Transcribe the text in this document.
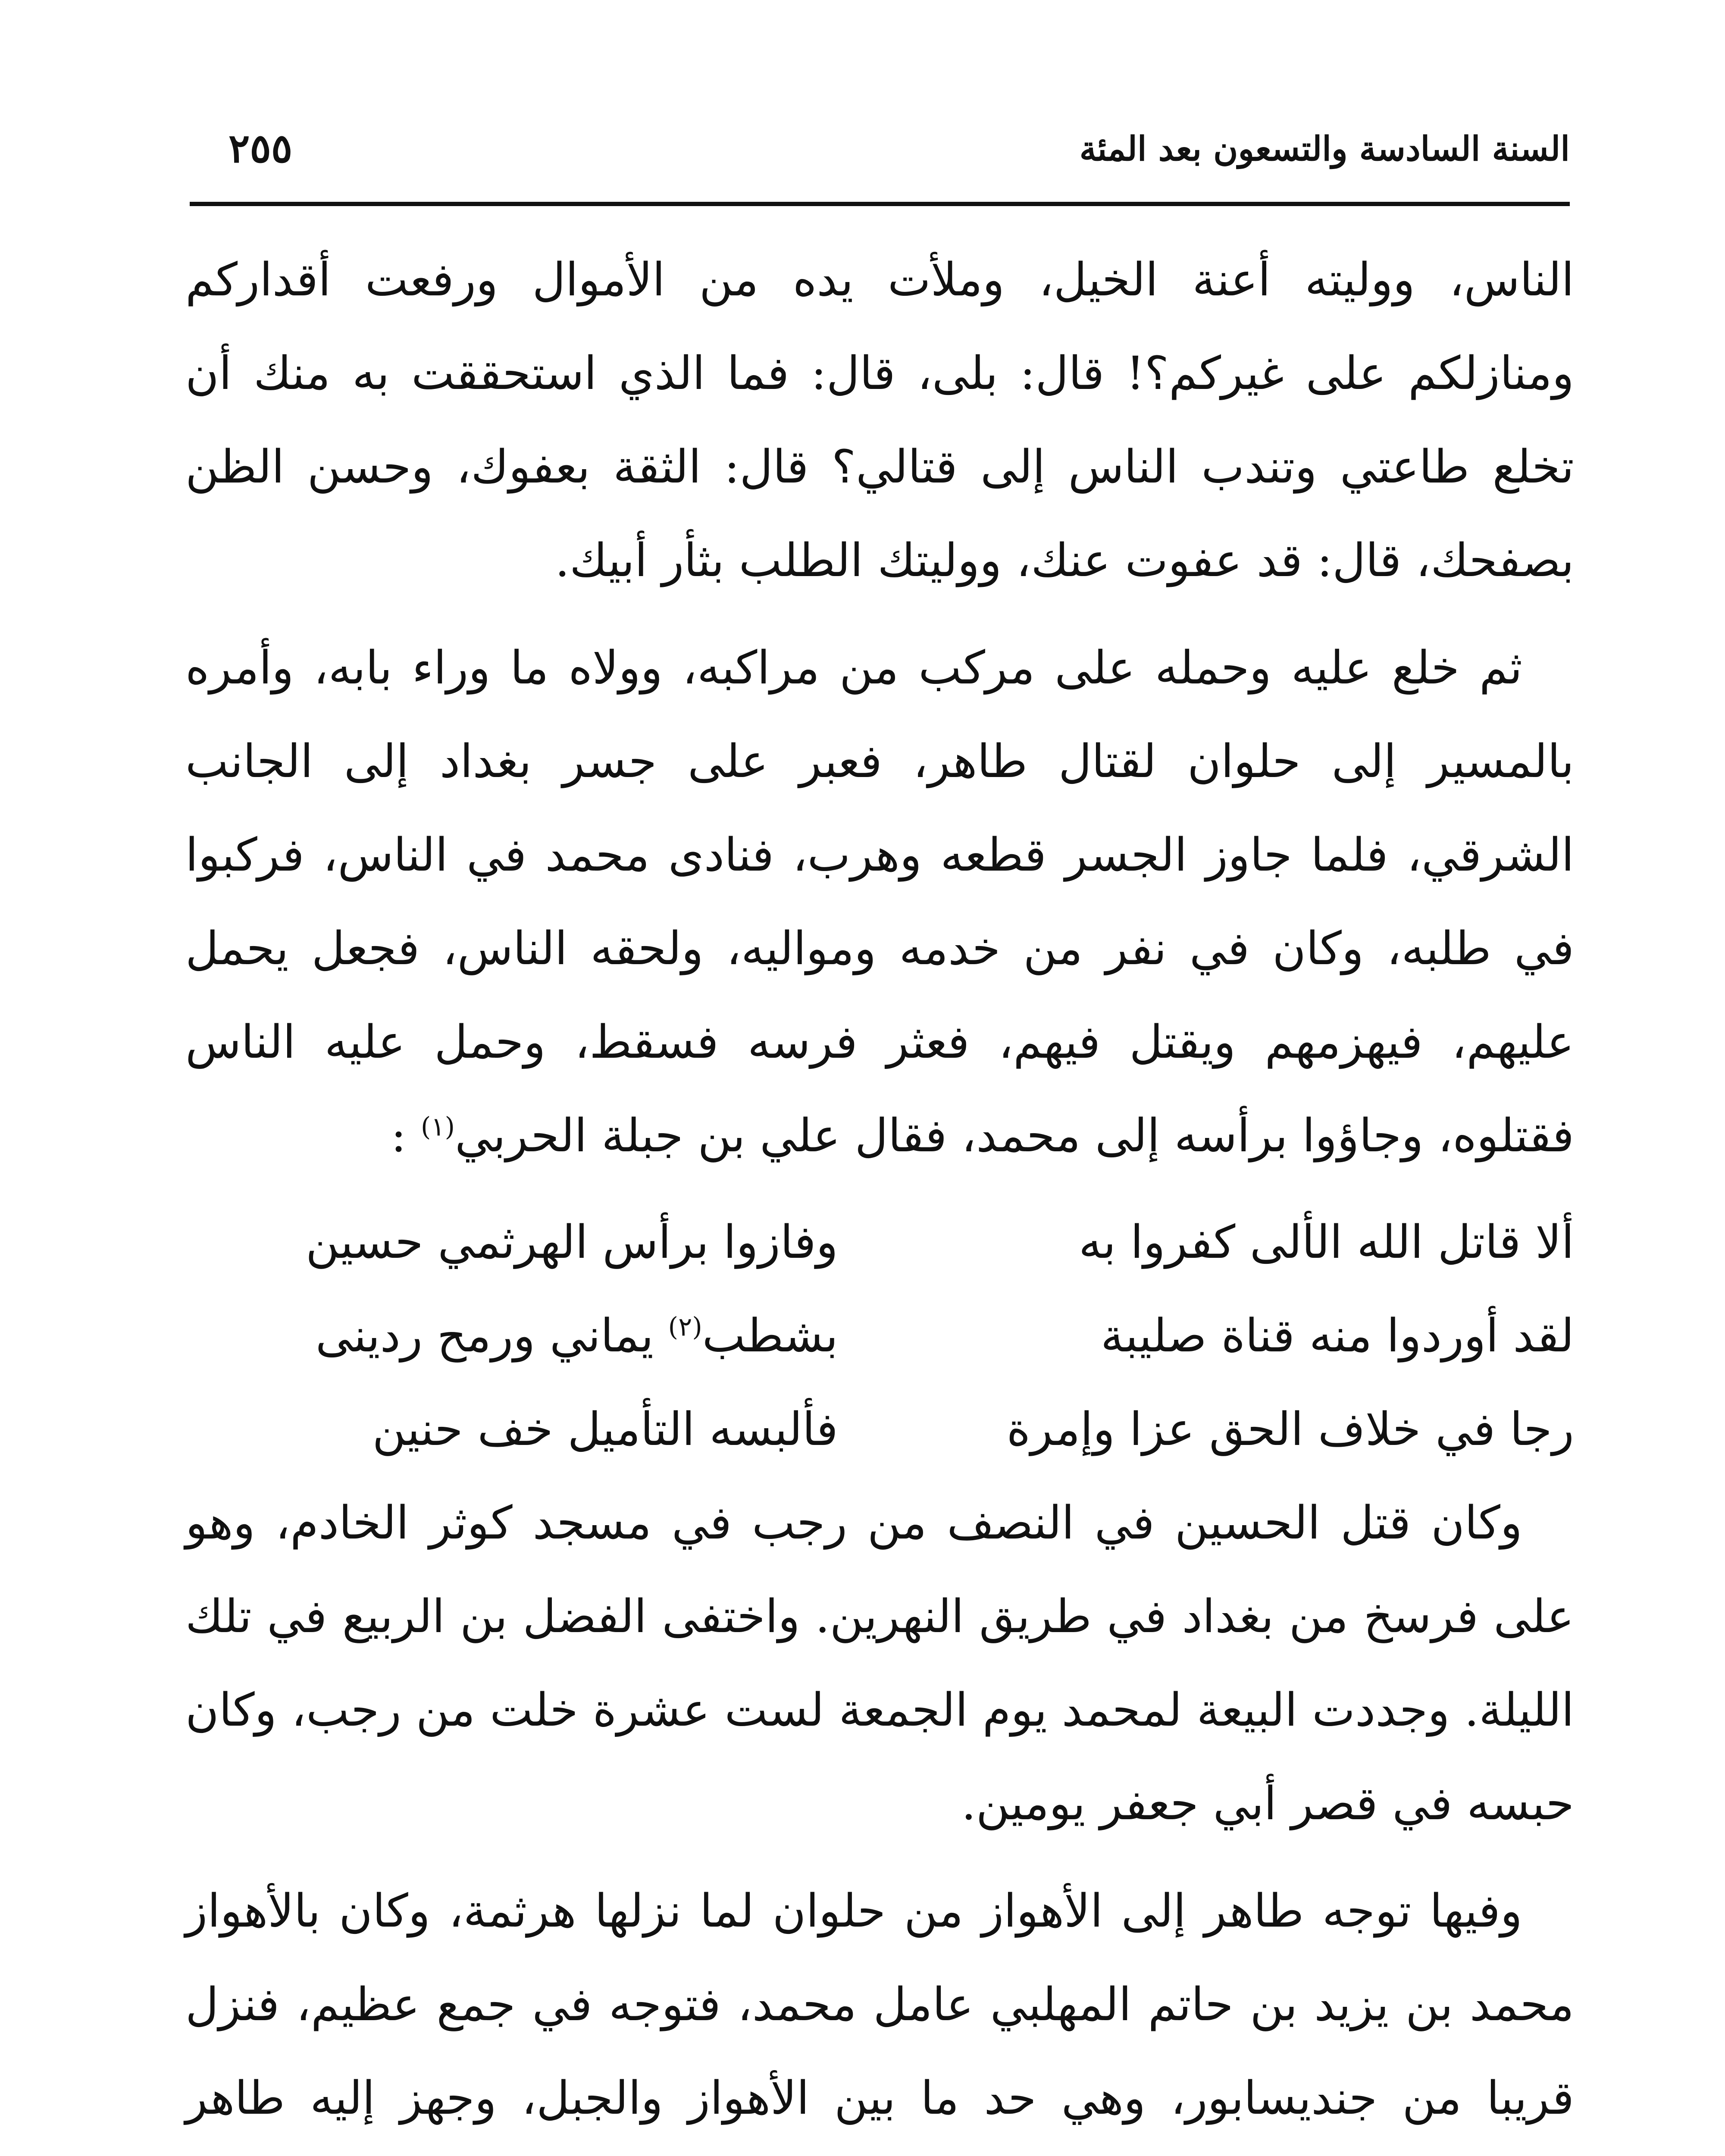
السنة السادسة والتسعون بعد المئة
٢٥٥

الناس، ووليته أعنة الخيل، وملأت يده من الأموال ورفعت أقداركم ومنازلكم على غيركم؟! قال: بلى، قال: فما الذي استحققت به منك أن تخلع طاعتي وتندب الناس إلى قتالي؟ قال: الثقة بعفوك، وحسن الظن بصفحك، قال: قد عفوت عنك، ووليتك الطلب بثأر أبيك.

ثم خلع عليه وحمله على مركب من مراكبه، وولاه ما وراء بابه، وأمره بالمسير إلى حلوان لقتال طاهر، فعبر على جسر بغداد إلى الجانب الشرقي، فلما جاوز الجسر قطعه وهرب، فنادى محمد في الناس، فركبوا في طلبه، وكان في نفر من خدمه ومواليه، ولحقه الناس، فجعل يحمل عليهم، فيهزمهم ويقتل فيهم، فعثر فرسه فسقط، وحمل عليه الناس فقتلوه، وجاؤوا برأسه إلى محمد، فقال علي بن جبلة الحربي$^{(١)}$ :

ألا قاتل الله الألى كفروا به
وفازوا برأس الهرثمي حسين
لقد أوردوا منه قناة صليبة
بشطب$^{(٢)}$ يماني ورمح ردينى
رجا في خلاف الحق عزا وإمرة
فألبسه التأميل خف حنين

وكان قتل الحسين في النصف من رجب في مسجد كوثر الخادم، وهو على فرسخ من بغداد في طريق النهرين. واختفى الفضل بن الربيع في تلك الليلة. وجددت البيعة لمحمد يوم الجمعة لست عشرة خلت من رجب، وكان حبسه في قصر أبي جعفر يومين.

وفيها توجه طاهر إلى الأهواز من حلوان لما نزلها هرثمة، وكان بالأهواز محمد بن يزيد بن حاتم المهلبي عامل محمد، فتوجه في جمع عظيم، فنزل قريبا من جنديسابور، وهي حد ما بين الأهواز والجبل، وجهز إليه طاهر
